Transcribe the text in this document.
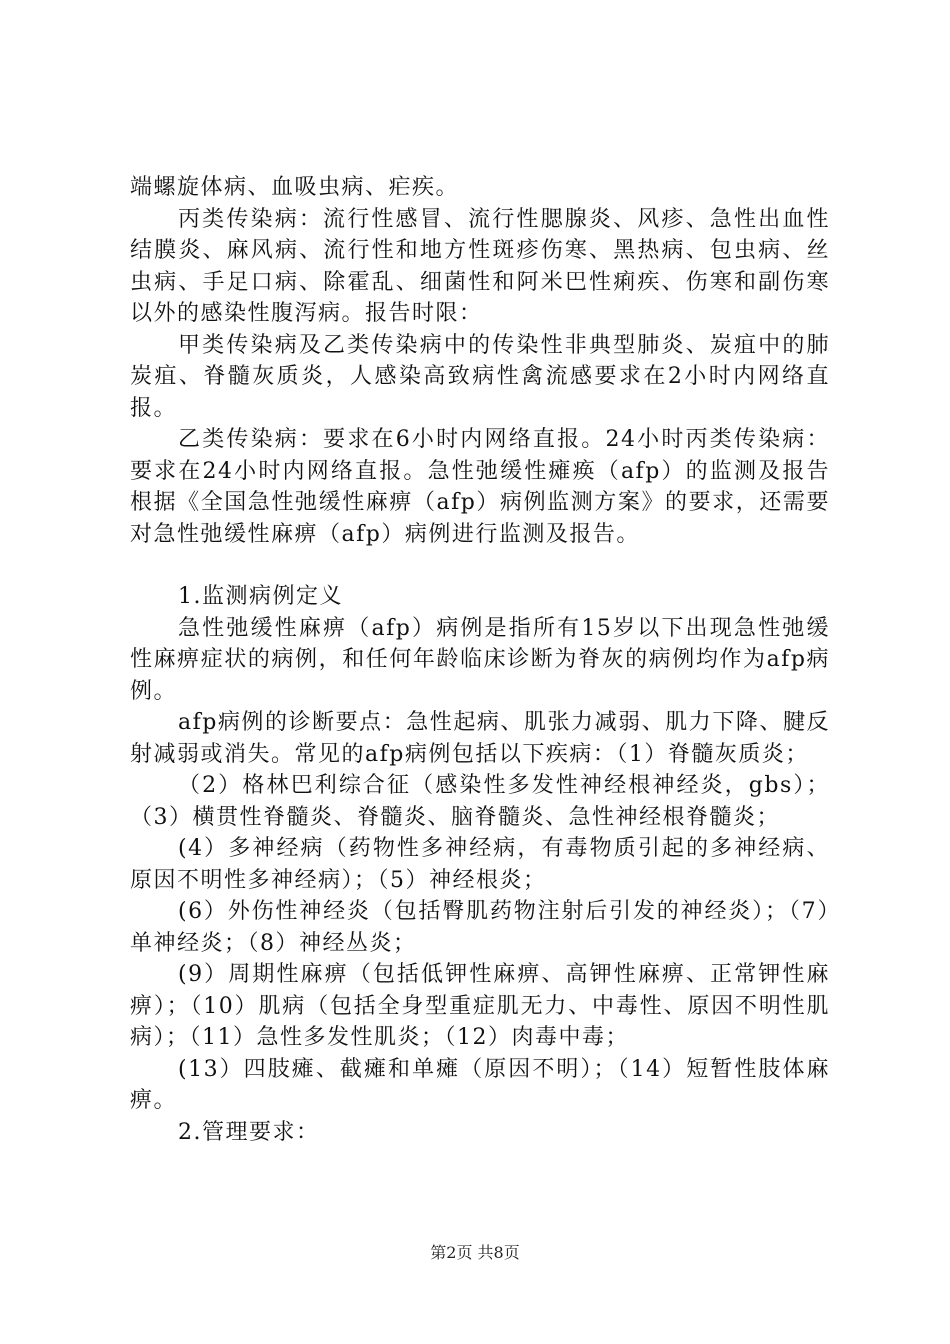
端螺旋体病、血吸虫病、疟疾。

丙类传染病：流行性感冒、流行性腮腺炎、风疹、急性出血性结膜炎、麻风病、流行性和地方性斑疹伤寒、黑热病、包虫病、丝虫病、手足口病、除霍乱、细菌性和阿米巴性痢疾、伤寒和副伤寒以外的感染性腹泻病。报告时限：

甲类传染病及乙类传染病中的传染性非典型肺炎、炭疽中的肺炭疽、脊髓灰质炎，人感染高致病性禽流感要求在2小时内网络直报。

乙类传染病：要求在6小时内网络直报。24小时丙类传染病：要求在24小时内网络直报。急性弛缓性瘫痪（afp）的监测及报告根据《全国急性弛缓性麻痹（afp）病例监测方案》的要求，还需要对急性弛缓性麻痹（afp）病例进行监测及报告。

1.监测病例定义

急性弛缓性麻痹（afp）病例是指所有15岁以下出现急性弛缓性麻痹症状的病例，和任何年龄临床诊断为脊灰的病例均作为afp病例。

afp病例的诊断要点：急性起病、肌张力减弱、肌力下降、腱反射减弱或消失。常见的afp病例包括以下疾病：（1）脊髓灰质炎；

（2）格林巴利综合征（感染性多发性神经根神经炎，gbs）；（3）横贯性脊髓炎、脊髓炎、脑脊髓炎、急性神经根脊髓炎；

(4）多神经病（药物性多神经病，有毒物质引起的多神经病、原因不明性多神经病）；（5）神经根炎；

(6）外伤性神经炎（包括臀肌药物注射后引发的神经炎）；（7）单神经炎；（8）神经丛炎；

(9）周期性麻痹（包括低钾性麻痹、高钾性麻痹、正常钾性麻痹）；（10）肌病（包括全身型重症肌无力、中毒性、原因不明性肌病）；（11）急性多发性肌炎；（12）肉毒中毒；

(13）四肢瘫、截瘫和单瘫（原因不明）；（14）短暂性肢体麻痹。

2.管理要求：

第2页 共8页
